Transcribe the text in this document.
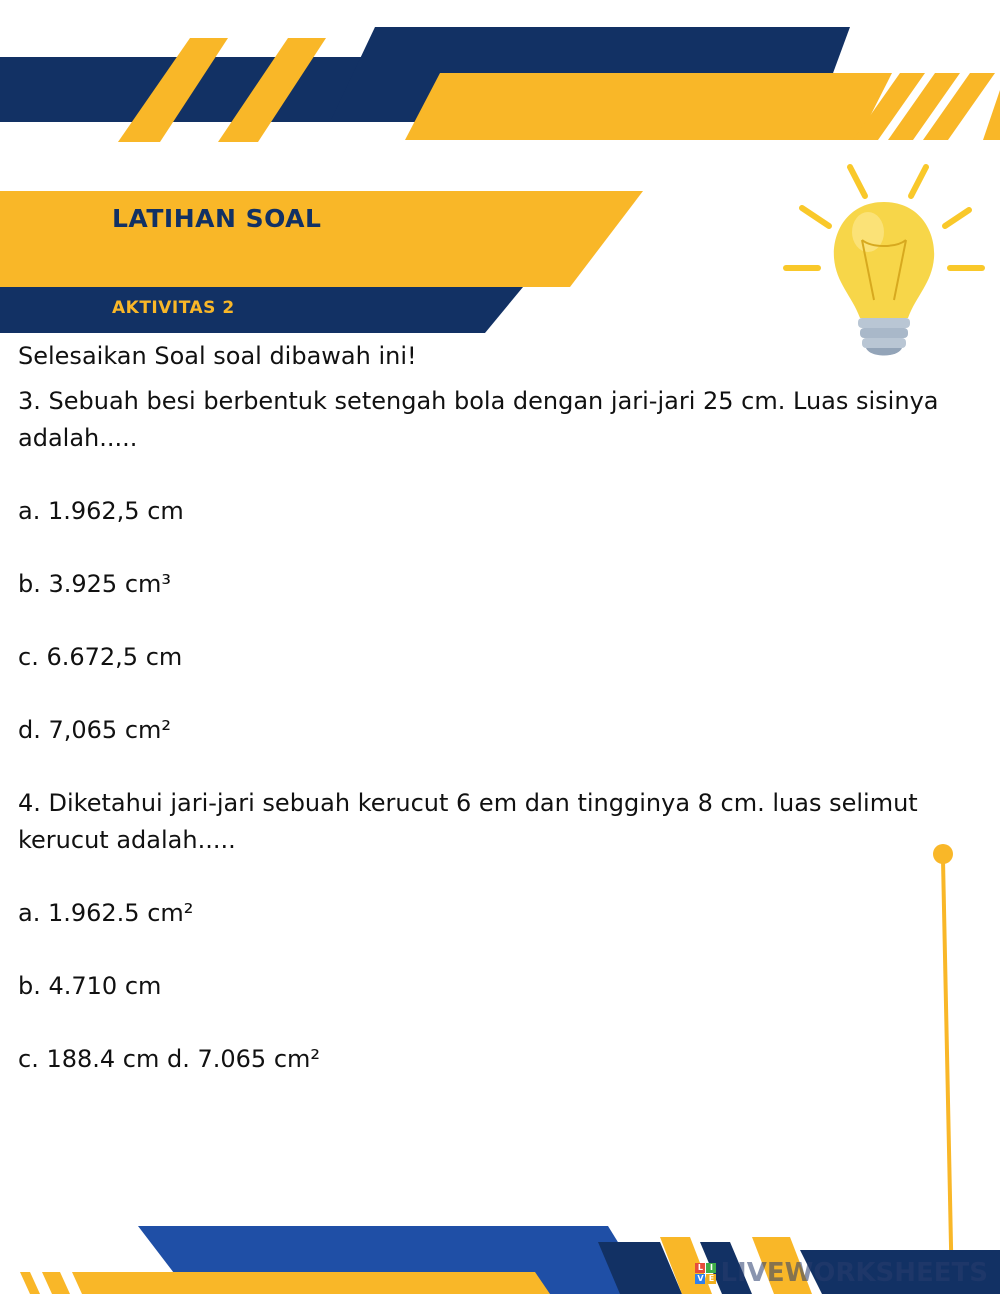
LATIHAN SOAL
AKTIVITAS 2

Selesaikan Soal soal dibawah ini!

3. Sebuah besi berbentuk setengah bola dengan jari-jari 25 cm. Luas sisinya adalah.....

a. 1.962,5 cm

b. 3.925 cm³

c. 6.672,5 cm

d. 7,065 cm²

4. Diketahui jari-jari sebuah kerucut 6 em dan tingginya 8 cm. luas selimut kerucut adalah.....

a. 1.962.5 cm²

b. 4.710 cm

c. 188.4 cm d. 7.065 cm²

L I
V E LIVEWORKSHEETS
